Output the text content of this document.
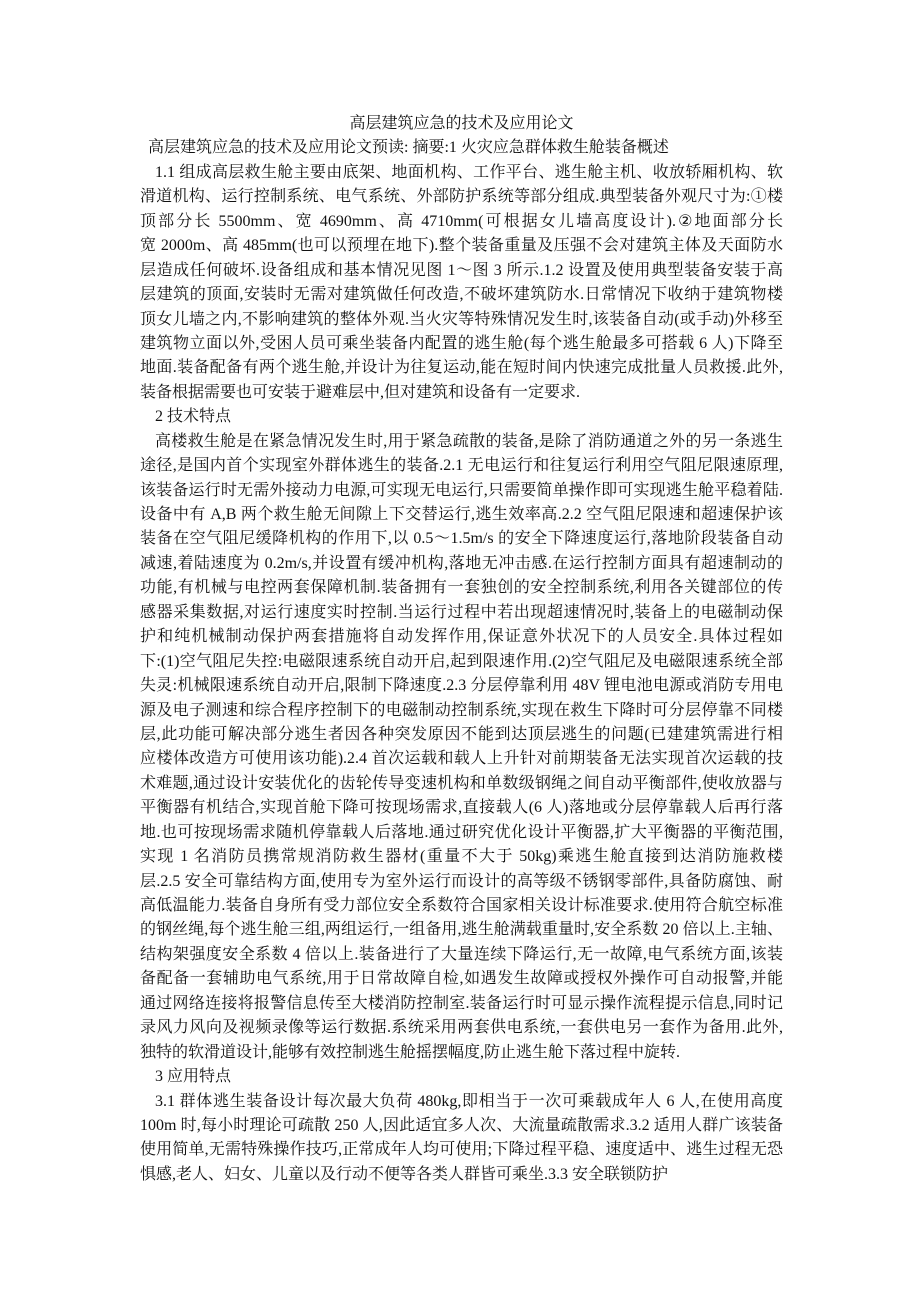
高层建筑应急的技术及应用论文
高层建筑应急的技术及应用论文预读: 摘要:1 火灾应急群体救生舱装备概述
1.1 组成高层救生舱主要由底架、地面机构、工作平台、逃生舱主机、收放轿厢机构、软
滑道机构、运行控制系统、电气系统、外部防护系统等部分组成.典型装备外观尺寸为:①楼
顶部分长 5500mm、宽 4690mm、高 4710mm(可根据女儿墙高度设计).②地面部分长
宽 2000m、高 485mm(也可以预埋在地下).整个装备重量及压强不会对建筑主体及天面防水
层造成任何破坏.设备组成和基本情况见图 1～图 3 所示.1.2 设置及使用典型装备安装于高
层建筑的顶面,安装时无需对建筑做任何改造,不破坏建筑防水.日常情况下收纳于建筑物楼
顶女儿墙之内,不影响建筑的整体外观.当火灾等特殊情况发生时,该装备自动(或手动)外移至
建筑物立面以外,受困人员可乘坐装备内配置的逃生舱(每个逃生舱最多可搭载 6 人)下降至
地面.装备配备有两个逃生舱,并设计为往复运动,能在短时间内快速完成批量人员救援.此外,
装备根据需要也可安装于避难层中,但对建筑和设备有一定要求.
2 技术特点
高楼救生舱是在紧急情况发生时,用于紧急疏散的装备,是除了消防通道之外的另一条逃生
途径,是国内首个实现室外群体逃生的装备.2.1 无电运行和往复运行利用空气阻尼限速原理,
该装备运行时无需外接动力电源,可实现无电运行,只需要简单操作即可实现逃生舱平稳着陆.
设备中有 A,B 两个救生舱无间隙上下交替运行,逃生效率高.2.2 空气阻尼限速和超速保护该
装备在空气阻尼缓降机构的作用下,以 0.5～1.5m/s 的安全下降速度运行,落地阶段装备自动
减速,着陆速度为 0.2m/s,并设置有缓冲机构,落地无冲击感.在运行控制方面具有超速制动的
功能,有机械与电控两套保障机制.装备拥有一套独创的安全控制系统,利用各关键部位的传
感器采集数据,对运行速度实时控制.当运行过程中若出现超速情况时,装备上的电磁制动保
护和纯机械制动保护两套措施将自动发挥作用,保证意外状况下的人员安全.具体过程如
下:(1)空气阻尼失控:电磁限速系统自动开启,起到限速作用.(2)空气阻尼及电磁限速系统全部
失灵:机械限速系统自动开启,限制下降速度.2.3 分层停靠利用 48V 锂电池电源或消防专用电
源及电子测速和综合程序控制下的电磁制动控制系统,实现在救生下降时可分层停靠不同楼
层,此功能可解决部分逃生者因各种突发原因不能到达顶层逃生的问题(已建建筑需进行相
应楼体改造方可使用该功能).2.4 首次运载和载人上升针对前期装备无法实现首次运载的技
术难题,通过设计安装优化的齿轮传导变速机构和单数级钢绳之间自动平衡部件,使收放器与
平衡器有机结合,实现首舱下降可按现场需求,直接载人(6 人)落地或分层停靠载人后再行落
地.也可按现场需求随机停靠载人后落地.通过研究优化设计平衡器,扩大平衡器的平衡范围,
实现 1 名消防员携常规消防救生器材(重量不大于 50kg)乘逃生舱直接到达消防施救楼
层.2.5 安全可靠结构方面,使用专为室外运行而设计的高等级不锈钢零部件,具备防腐蚀、耐
高低温能力.装备自身所有受力部位安全系数符合国家相关设计标准要求.使用符合航空标准
的钢丝绳,每个逃生舱三组,两组运行,一组备用,逃生舱满载重量时,安全系数 20 倍以上.主轴、
结构架强度安全系数 4 倍以上.装备进行了大量连续下降运行,无一故障,电气系统方面,该装
备配备一套辅助电气系统,用于日常故障自检,如遇发生故障或授权外操作可自动报警,并能
通过网络连接将报警信息传至大楼消防控制室.装备运行时可显示操作流程提示信息,同时记
录风力风向及视频录像等运行数据.系统采用两套供电系统,一套供电另一套作为备用.此外,
独特的软滑道设计,能够有效控制逃生舱摇摆幅度,防止逃生舱下落过程中旋转.
3 应用特点
3.1 群体逃生装备设计每次最大负荷 480kg,即相当于一次可乘载成年人 6 人,在使用高度
100m 时,每小时理论可疏散 250 人,因此适宜多人次、大流量疏散需求.3.2 适用人群广该装备
使用简单,无需特殊操作技巧,正常成年人均可使用;下降过程平稳、速度适中、逃生过程无恐
惧感,老人、妇女、儿童以及行动不便等各类人群皆可乘坐.3.3 安全联锁防护
